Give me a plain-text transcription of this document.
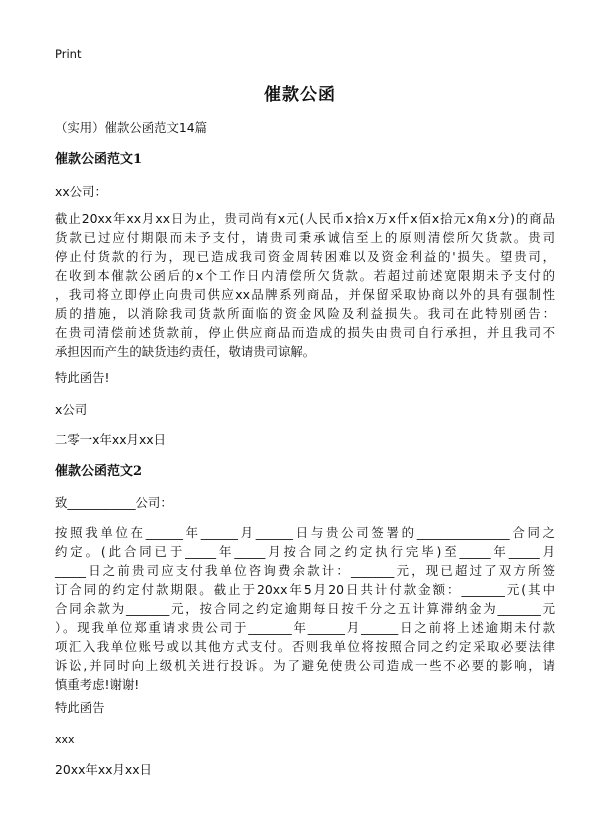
Print
催款公函
（实用）催款公函范文14篇
催款公函范文1
xx公司：
截止20xx年xx月xx日为止，贵司尚有x元(人民币x拾x万x仟x佰x拾元x角x分)的商品
货款已过应付期限而未予支付，请贵司秉承诚信至上的原则清偿所欠货款。贵司
停止付货款的行为，现已造成我司资金周转困难以及资金利益的'损失。望贵司，
在收到本催款公函后的x个工作日内清偿所欠货款。若超过前述宽限期未予支付的
，我司将立即停止向贵司供应xx品牌系列商品，并保留采取协商以外的具有强制性
质的措施，以消除我司货款所面临的资金风险及利益损失。我司在此特别函告：
在贵司清偿前述货款前，停止供应商品而造成的损失由贵司自行承担，并且我司不
承担因而产生的缺货违约责任，敬请贵司谅解。
特此函告!
x公司
二零一x年xx月xx日
催款公函范文2
致___________公司：
按照我单位在______年______月______日与贵公司签署的_______________合同之
约定。(此合同已于_____年_____月按合同之约定执行完毕)至_____年_____月
_____日之前贵司应支付我单位咨询费余款计：_______元，现已超过了双方所签
订合同的约定付款期限。截止于20xx年5月20日共计付款金额：_______元(其中
合同余款为_______元，按合同之约定逾期每日按千分之五计算滞纳金为_______元
）。现我单位郑重请求贵公司于_______年______月______日之前将上述逾期未付款
项汇入我单位账号或以其他方式支付。否则我单位将按照合同之约定采取必要法律
诉讼,并同时向上级机关进行投诉。为了避免使贵公司造成一些不必要的影响，请
慎重考虑!谢谢!
特此函告
xxx
20xx年xx月xx日
